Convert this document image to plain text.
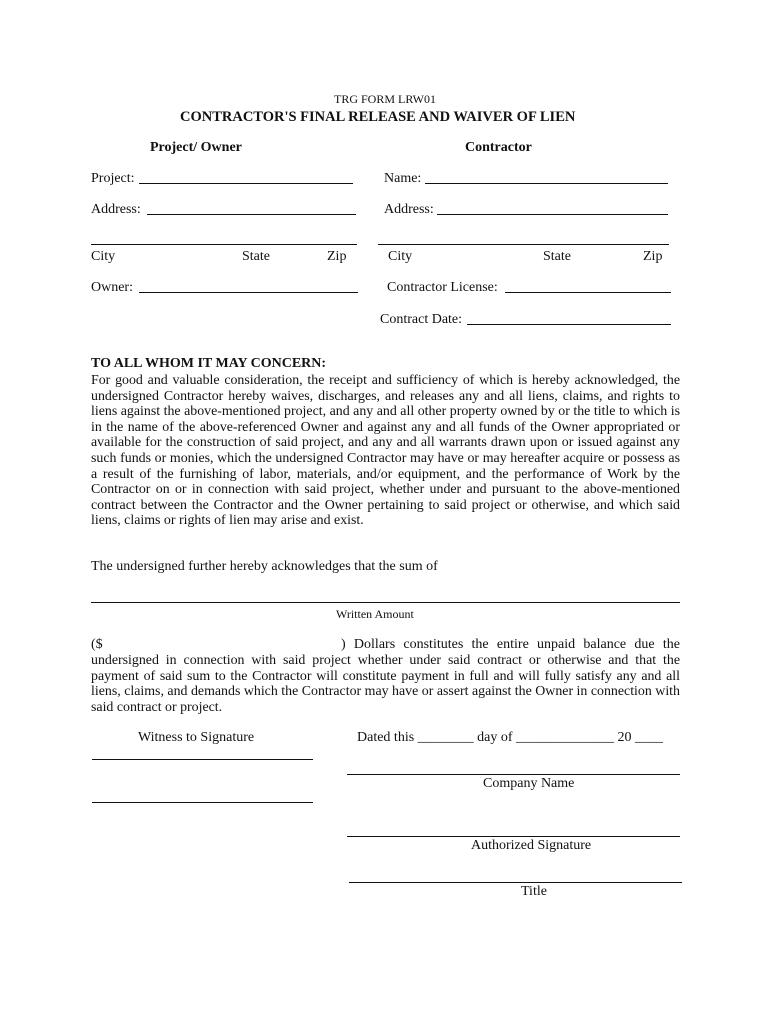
TRG FORM LRW01
CONTRACTOR'S FINAL RELEASE AND WAIVER OF LIEN
Project/ Owner	Contractor
Project:
Address:
City	State	Zip
Owner:
Name:
Address:
City	State	Zip
Contractor License:
Contract Date:
TO ALL WHOM IT MAY CONCERN:
For good and valuable consideration, the receipt and sufficiency of which is hereby acknowledged, the undersigned Contractor hereby waives, discharges, and releases any and all liens, claims, and rights to liens against the above-mentioned project, and any and all other property owned by or the title to which is in the name of the above-referenced Owner and against any and all funds of the Owner appropriated or available for the construction of said project, and any and all warrants drawn upon or issued against any such funds or monies, which the undersigned Contractor may have or may hereafter acquire or possess as a result of the furnishing of labor, materials, and/or equipment, and the performance of Work by the Contractor on or in connection with said project, whether under and pursuant to the above-mentioned contract between the Contractor and the Owner pertaining to said project or otherwise, and which said liens, claims or rights of lien may arise and exist.
The undersigned further hereby acknowledges that the sum of
Written Amount
($	) Dollars constitutes the entire unpaid balance due the
undersigned in connection with said project whether under said contract or otherwise and that the payment of said sum to the Contractor will constitute payment in full and will fully satisfy any and all liens, claims, and demands which the Contractor may have or assert against the Owner in connection with said contract or project.
Witness to Signature	Dated this ________ day of ______________ 20 ____
Company Name
Authorized Signature
Title
